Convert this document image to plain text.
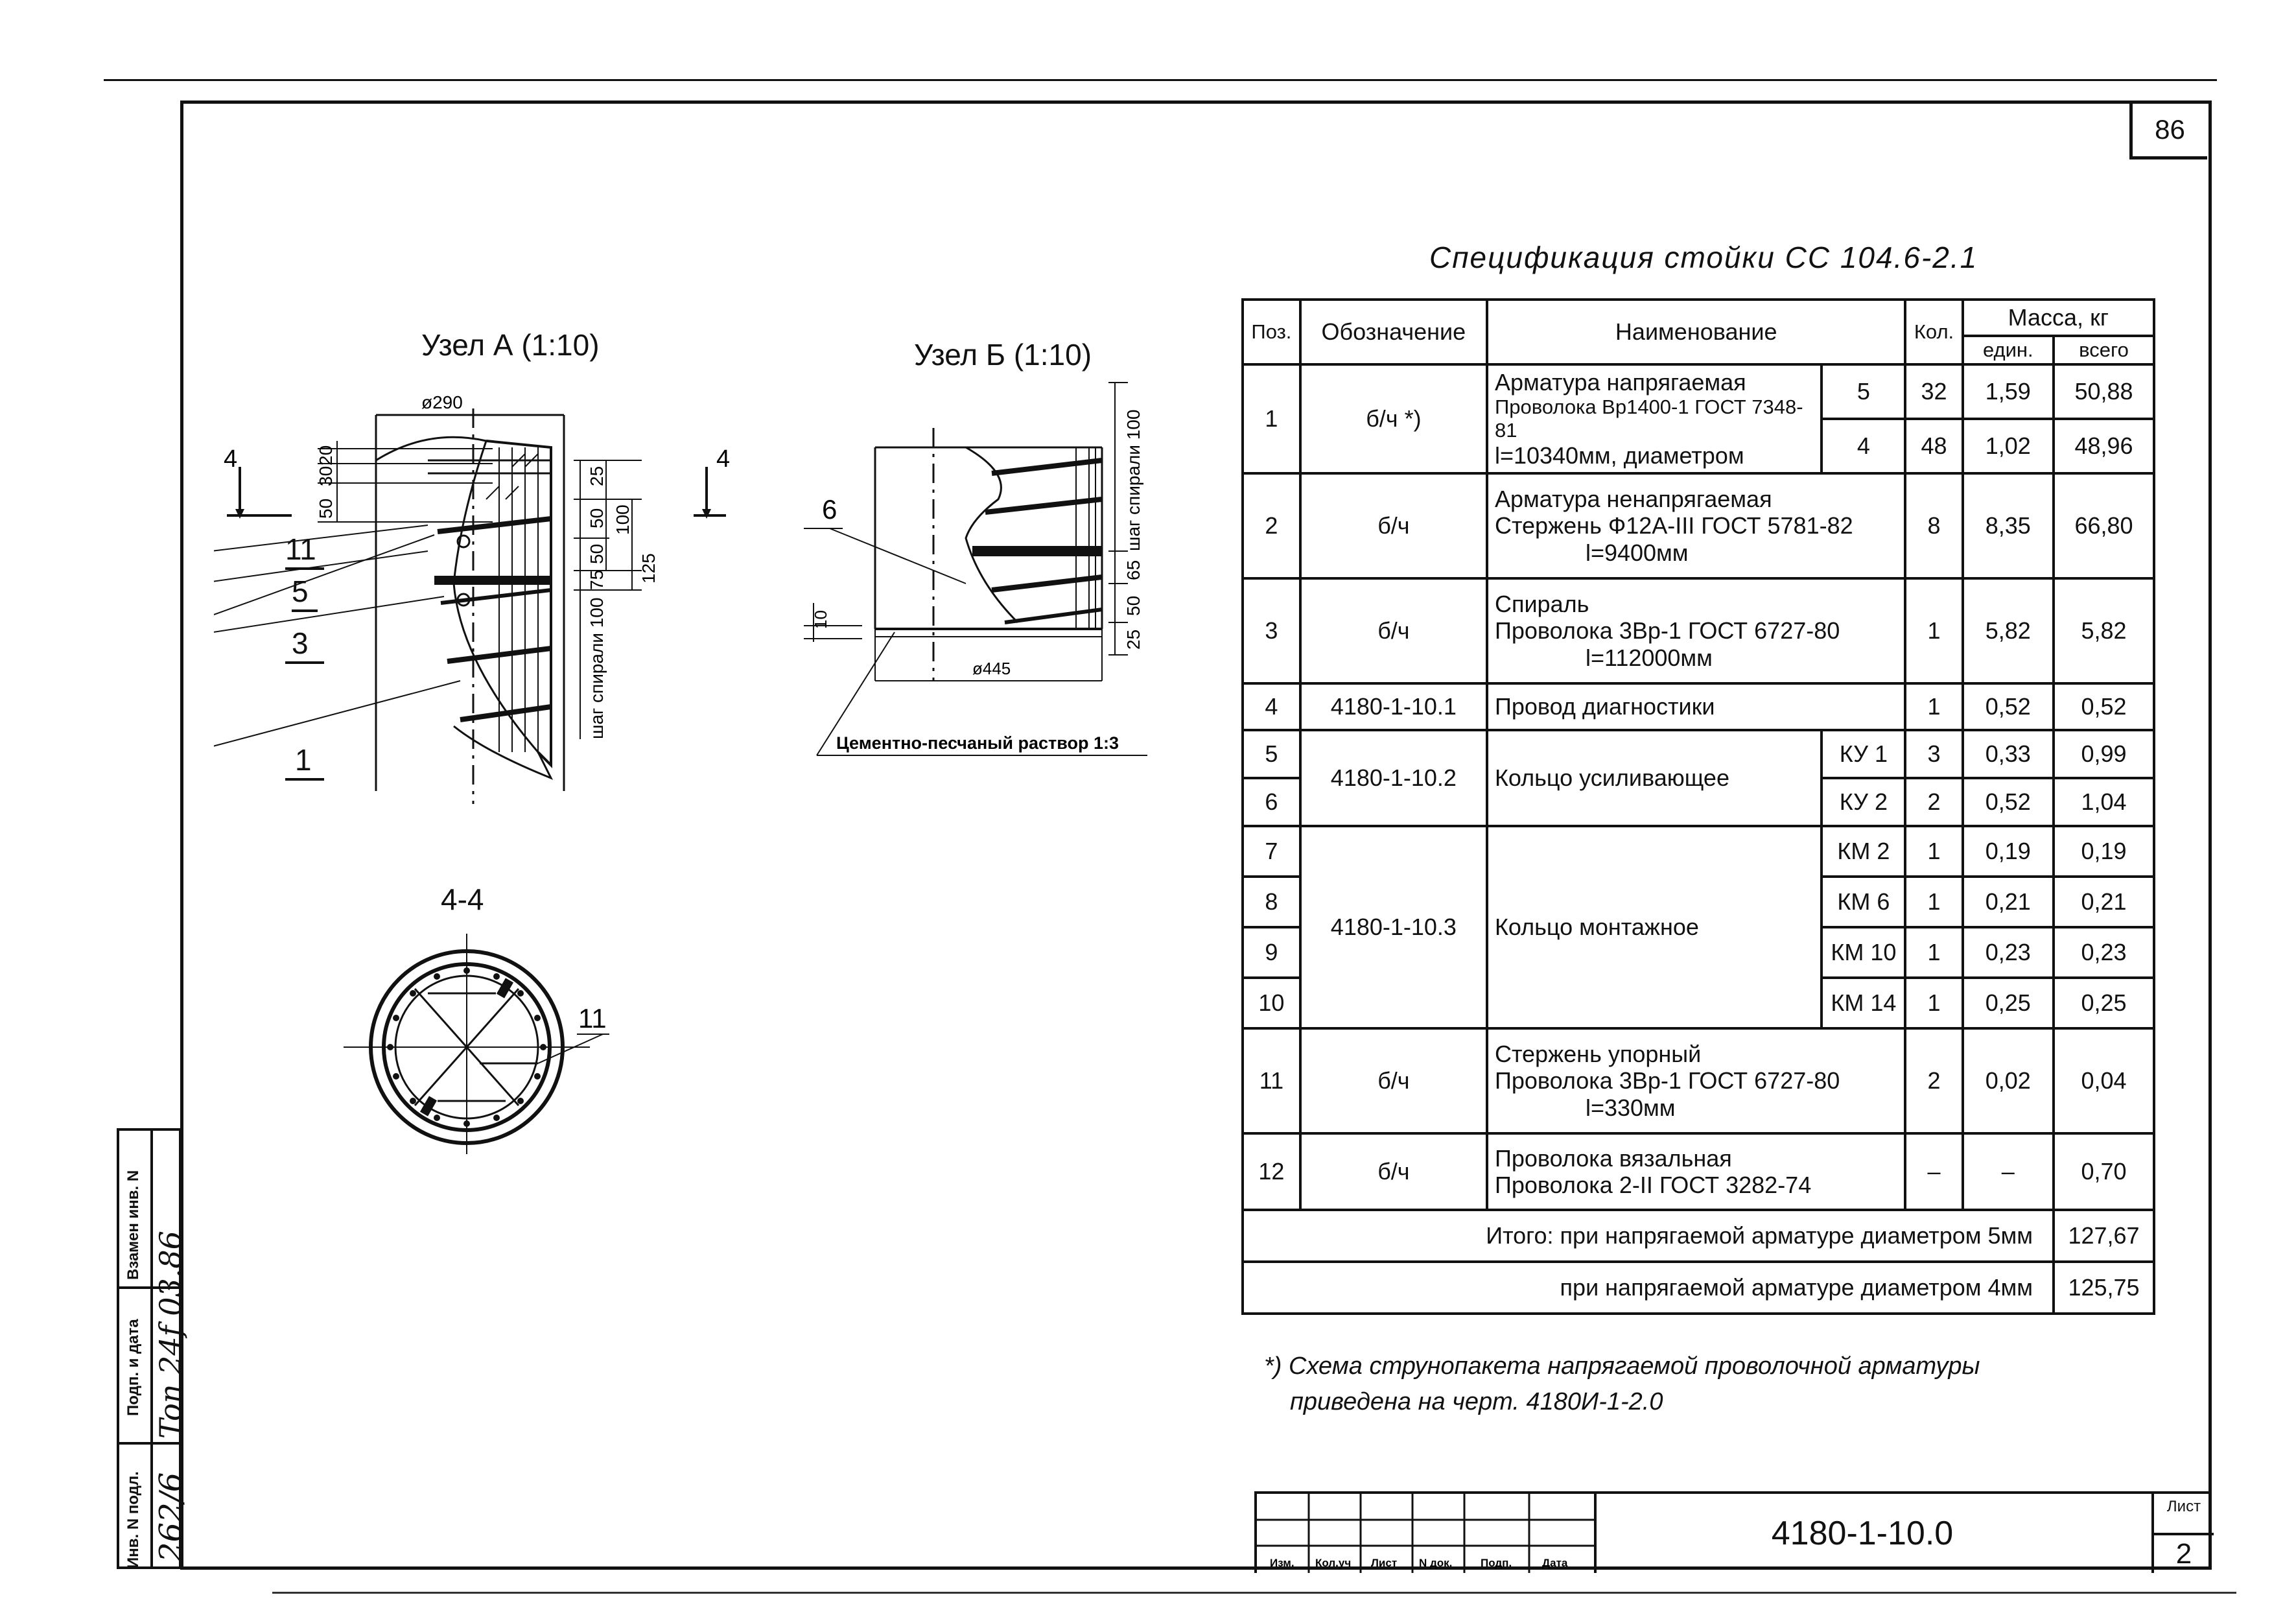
86
Инв. N подл.
Подп. и дата
Взамен инв. N
262/6
Ton 24f 03.86
Узел А (1:10)	Узел Б (1:10)
4-4
ø290
4	4
20
30
50
25
50
50
75
100
125
шаг спирали 100
11
5
3
1
ø445
6
10
шаг спирали 100
65
50
25
Цементно-песчаный раствор 1:3
11
Спецификация стойки СС 104.6-2.1
Поз.	Обозначение	Наименование		Кол.	Масса, кг	
					един.	всего
1	б/ч *)	Арматура напрягаемая
Проволока Вр1400-1 ГОСТ 7348-81
l=10340мм, диаметром	5	32	1,59	50,88
			4	48	1,02	48,96
2	б/ч	Арматура ненапрягаемая
Стержень Ф12А-III ГОСТ 5781-82
l=9400мм		8	8,35	66,80
3	б/ч	Спираль
Проволока 3Вр-1 ГОСТ 6727-80
l=112000мм		1	5,82	5,82
4	4180-1-10.1	Провод диагностики		1	0,52	0,52
5	4180-1-10.2	Кольцо усиливающее	КУ 1	3	0,33	0,99
6			КУ 2	2	0,52	1,04
7	4180-1-10.3	Кольцо монтажное	КМ 2	1	0,19	0,19
8			КМ 6	1	0,21	0,21
9			КМ 10	1	0,23	0,23
10			КМ 14	1	0,25	0,25
11	б/ч	Стержень упорный
Проволока 3Вр-1 ГОСТ 6727-80
l=330мм		2	0,02	0,04
12	б/ч	Проволока вязальная
Проволока 2-II ГОСТ 3282-74		–	–	0,70
Итого: при напрягаемой арматуре диаметром 5мм						127,67
при напрягаемой арматуре диаметром 4мм						125,75
*) Схема струнопакета напрягаемой проволочной арматуры
приведена на черт. 4180И-1-2.0
Изм. Кол.уч Лист N док.	Подп.	Дата
4180-1-10.0
Лист
2
